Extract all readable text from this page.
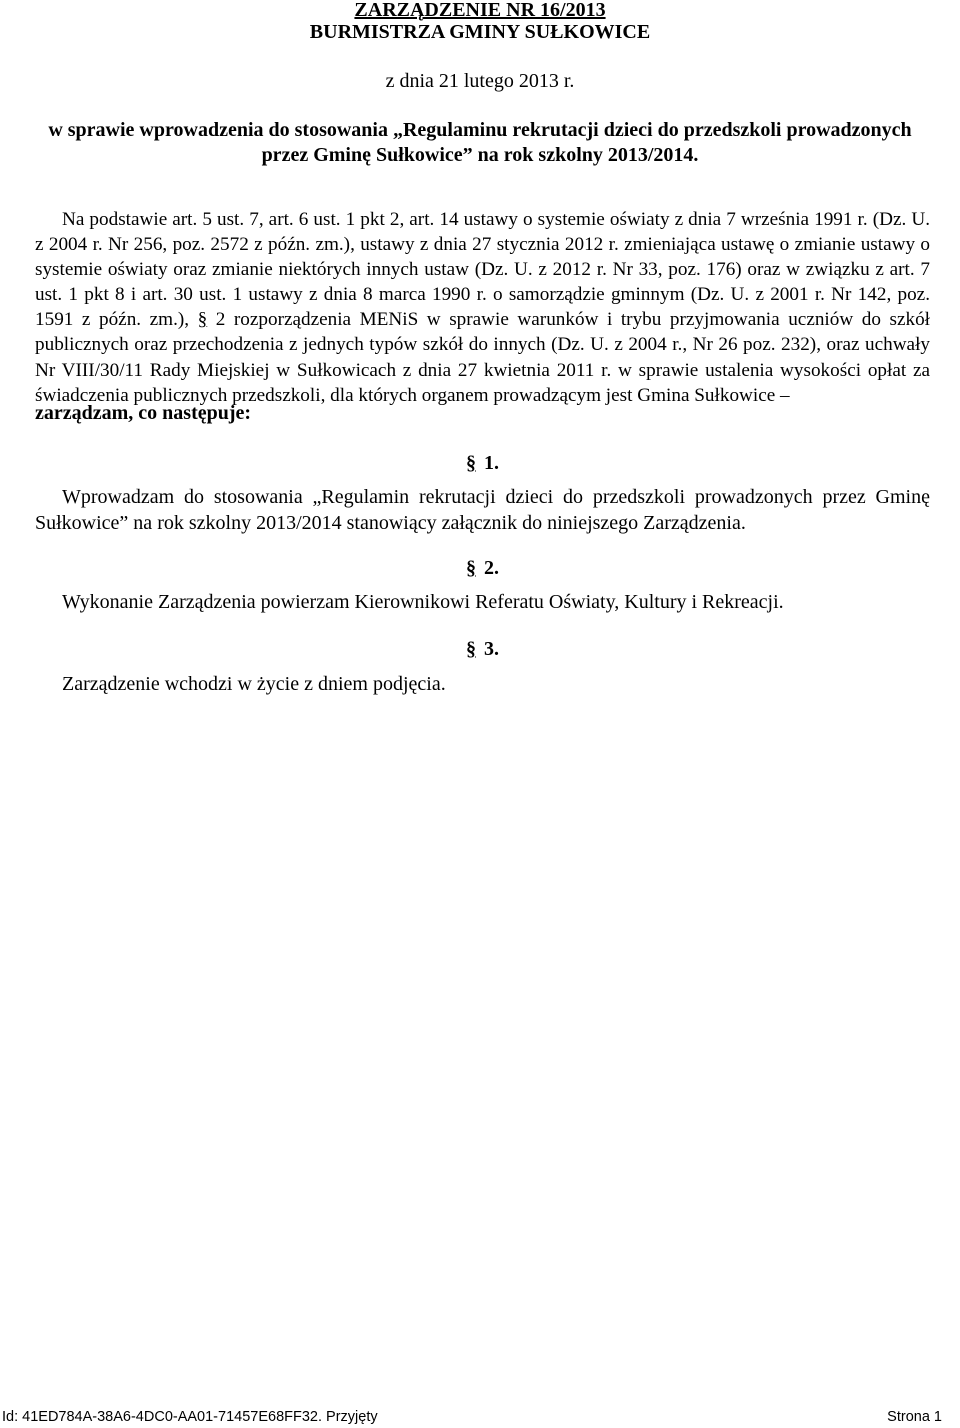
ZARZĄDZENIE NR 16/2013
BURMISTRZA GMINY SUŁKOWICE
z dnia 21 lutego 2013 r.
w sprawie wprowadzenia do stosowania „Regulaminu rekrutacji dzieci do przedszkoli prowadzonych przez Gminę Sułkowice” na rok szkolny 2013/2014.
Na podstawie art. 5 ust. 7, art. 6 ust. 1 pkt 2, art. 14 ustawy o systemie oświaty z dnia 7 września 1991 r. (Dz. U. z 2004 r. Nr 256, poz. 2572 z późn. zm.), ustawy z dnia 27 stycznia 2012 r. zmieniająca ustawę o zmianie ustawy o systemie oświaty oraz zmianie niektórych innych ustaw (Dz. U. z 2012 r. Nr 33, poz. 176) oraz w związku z art. 7 ust. 1 pkt 8 i art. 30 ust. 1 ustawy z dnia 8 marca 1990 r. o samorządzie gminnym (Dz. U. z 2001 r. Nr 142, poz. 1591 z późn. zm.), § 2 rozporządzenia MENiS w sprawie warunków i trybu przyjmowania uczniów do szkół publicznych oraz przechodzenia z jednych typów szkół do innych (Dz. U. z 2004 r., Nr 26 poz. 232), oraz uchwały Nr VIII/30/11 Rady Miejskiej w Sułkowicach z dnia 27 kwietnia 2011 r. w sprawie ustalenia wysokości opłat za świadczenia publicznych przedszkoli, dla których organem prowadzącym jest Gmina Sułkowice –
zarządzam, co następuje:
§ 1.
Wprowadzam do stosowania „Regulamin rekrutacji dzieci do przedszkoli prowadzonych przez Gminę Sułkowice” na rok szkolny 2013/2014 stanowiący załącznik do niniejszego Zarządzenia.
§ 2.
Wykonanie Zarządzenia powierzam Kierownikowi Referatu Oświaty, Kultury i Rekreacji.
§ 3.
Zarządzenie wchodzi w życie z dniem podjęcia.
Id: 41ED784A-38A6-4DC0-AA01-71457E68FF32. Przyjęty	Strona 1
